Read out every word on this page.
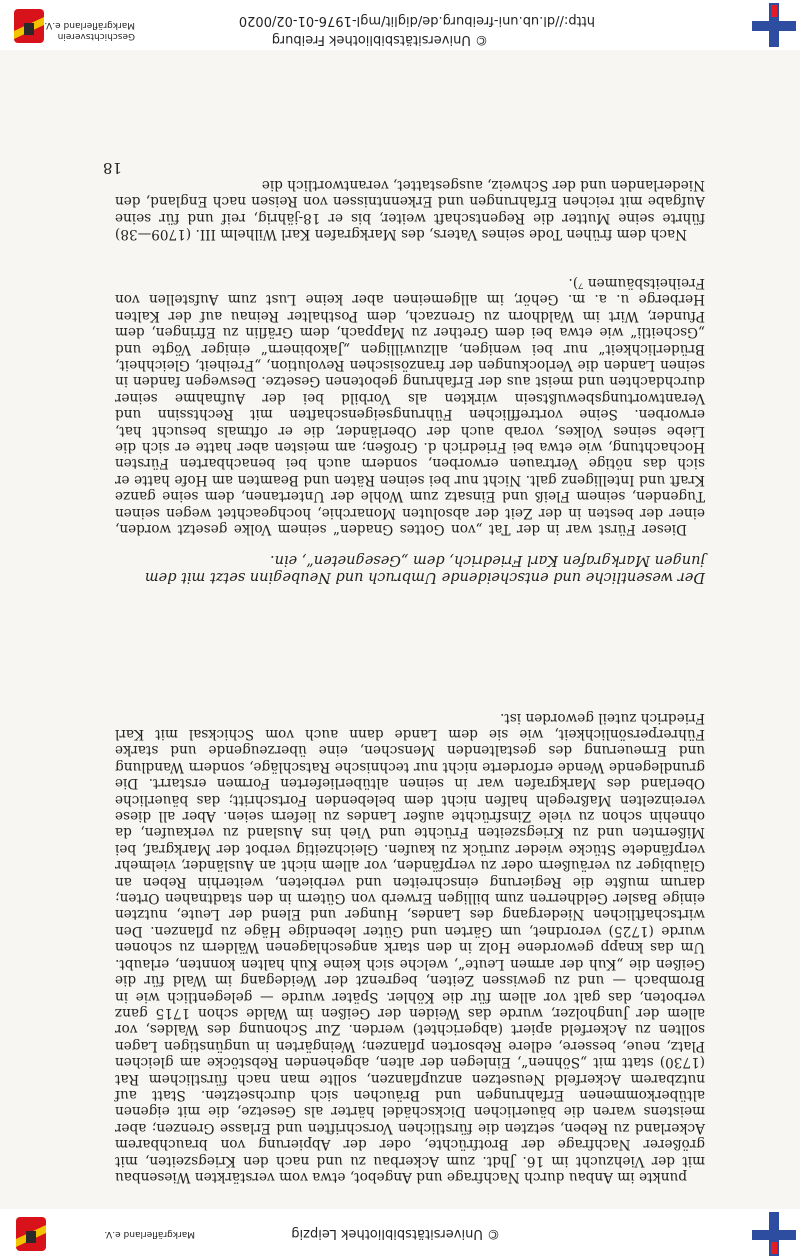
Markgräflerland e.V.	© Universitätsbibliothek Leipzig

punkte im Anbau durch Nachfrage und Angebot, etwa vom verstärkten Wiesenbau mit der Viehzucht im 16. Jhdt. zum Ackerbau zu und nach den Kriegszeiten, mit größerer Nachfrage der Brotfrüchte, oder der Abpierung von brauchbarem Ackerland zu Reben, setzten die fürstlichen Vorschriften und Erlasse Grenzen; aber meistens waren die bäuerlichen Dickschädel härter als Gesetze, die mit eigenen altüberkommenen Erfahrungen und Bräuchen sich durchsetzten. Statt auf nutzbarem Ackerfeld Neusetzen anzupflanzen, sollte man nach fürstlichem Rat (1730) statt mit „Söhnen“, Einlegen der alten, abgehenden Rebstöcke am gleichen Platz, neue, bessere, edlere Rebsorten pflanzen; Weingärten in ungünstigen Lagen sollten zu Ackerfeld apiert (abgerichtet) werden. Zur Schonung des Waldes, vor allem der Jungholzer, wurde das Weiden der Geißen im Walde schon 1715 ganz verboten, das galt vor allem für die Köhler. Später wurde — gelegentlich wie in Brombach — und zu gewissen Zeiten, begrenzt der Weidegang im Wald für die Geißen die „Kuh der armen Leute“, welche sich keine Kuh halten konnten, erlaubt. Um das knapp gewordene Holz in den stark angeschlagenen Wäldern zu schonen wurde (1725) verordnet, um Gärten und Güter lebendige Häge zu pflanzen. Den wirtschaftlichen Niedergang des Landes, Hunger und Elend der Leute, nutzten einige Basler Geldherren zum billigen Erwerb von Gütern in den stadtnahen Orten; darum mußte die Regierung einschreiten und verbieten, weiterhin Reben an Gläubiger zu veräußern oder zu verpfänden, vor allem nicht an Ausländer, vielmehr verpfändete Stücke wieder zurück zu kaufen. Gleichzeitig verbot der Markgraf, bei Mißernten und zu Kriegszeiten Früchte und Vieh ins Ausland zu verkaufen, da ohnehin schon zu viele Zinsfrüchte außer Landes zu liefern seien. Aber all diese vereinzelten Maßregeln halfen nicht dem belebenden Fortschritt; das bäuerliche Oberland des Markgrafen war in seinen altüberlieferten Formen erstarrt. Die grundlegende Wende erforderte nicht nur technische Ratschläge, sondern Wandlung und Erneuerung des gestaltenden Menschen, eine überzeugende und starke Führerpersönlichkeit, wie sie dem Lande dann auch vom Schicksal mit Karl Friedrich zuteil geworden ist.

Der wesentliche und entscheidende Umbruch und Neubeginn setzt mit dem jungen Markgrafen Karl Friedrich, dem „Gesegneten“, ein.

Dieser Fürst war in der Tat „von Gottes Gnaden“ seinem Volke gesetzt worden, einer der besten in der Zeit der absoluten Monarchie, hochgeachtet wegen seinen Tugenden, seinem Fleiß und Einsatz zum Wohle der Untertanen, dem seine ganze Kraft und Intelligenz galt. Nicht nur bei seinen Räten und Beamten am Hofe hatte er sich das nötige Vertrauen erworben, sondern auch bei benachbarten Fürsten Hochachtung, wie etwa bei Friedrich d. Großen; am meisten aber hatte er sich die Liebe seines Volkes, vorab auch der Oberländer, die er oftmals besucht hat, erworben. Seine vortrefflichen Führungseigenschaften mit Rechtssinn und Verantwortungsbewußtsein wirkten als Vorbild bei der Aufnahme seiner durchdachten und meist aus der Erfahrung gebotenen Gesetze. Deswegen fanden in seinen Landen die Verlockungen der französischen Revolution, „Freiheit, Gleichheit, Brüderlichkeit“ nur bei wenigen, allzuwilligen „Jakobinern“ einiger Vögte und „Gscheitli“ wie etwa bei dem Grether zu Mappach, dem Gräflin zu Efringen, dem Pfunder, Wirt im Waldhorn zu Grenzach, dem Posthalter Reinau auf der Kalten Herberge u. a. m. Gehör, im allgemeinen aber keine Lust zum Aufstellen von Freiheitsbäumen ⁷).

Nach dem frühen Tode seines Vaters, des Markgrafen Karl Wilhelm III. (1709—38) führte seine Mutter die Regentschaft weiter, bis er 18-jährig, reif und für seine Aufgabe mit reichen Erfahrungen und Erkenntnissen von Reisen nach England, den Niederlanden und der Schweiz, ausgestattet, verantwortlich die

18
© Universitätsbibliothek Freiburg
http://dl.ub.uni-freiburg.de/diglit/mgl-1976-01-02/0020
Geschichtsverein
Markgräflerland e.V.
